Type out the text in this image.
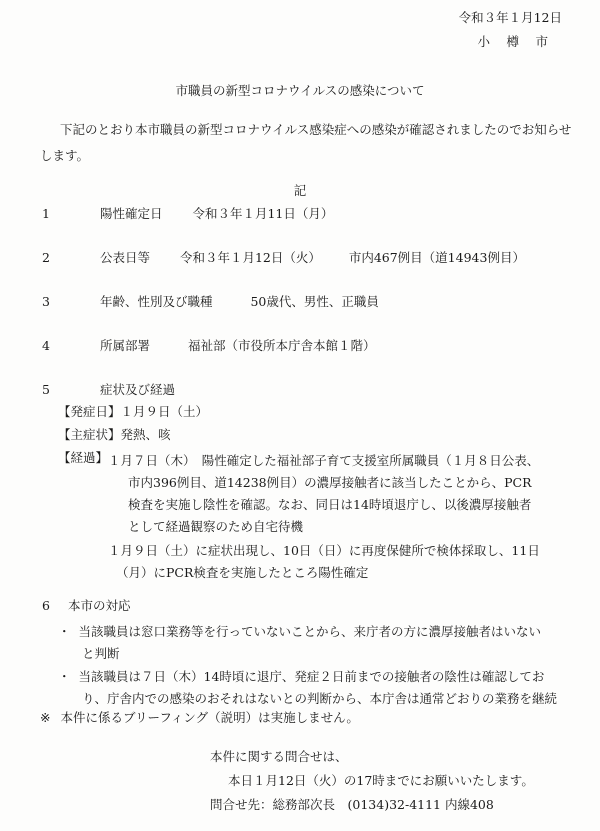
令和３年１月12日
小　樽　市
市職員の新型コロナウイルスの感染について
下記のとおり本市職員の新型コロナウイルス感染症への感染が確認されましたのでお知らせします。
記
1	陽性確定日 令和３年１月11日（月）
2	公表日等 令和３年１月12日（火） 市内467例目（道14943例目）
3	年齢、性別及び職種	50歳代、男性、正職員
4	所属部署	福祉部（市役所本庁舎本館１階）
5	症状及び経過
【発症日】１月９日（土）
【主症状】発熱、咳
【経過】 １月７日（木）　陽性確定した福祉部子育て支援室所属職員（１月８日公表、
市内396例目、道14238例目）の濃厚接触者に該当したことから、PCR
検査を実施し陰性を確認。なお、同日は14時頃退庁し、以後濃厚接触者
として経過観察のため自宅待機
１月９日（土）に症状出現し、10日（日）に再度保健所で検体採取し、11日
（月）にPCR検査を実施したところ陽性確定
6 本市の対応
・ 当該職員は窓口業務等を行っていないことから、来庁者の方に濃厚接触者はいない
と判断
・ 当該職員は７日（木）14時頃に退庁、発症２日前までの接触者の陰性は確認してお
り、庁舎内での感染のおそれはないとの判断から、本庁舎は通常どおりの業務を継続
※ 本件に係るブリーフィング（説明）は実施しません。
本件に関する問合せは、
本日１月12日（火）の17時までにお願いいたします。
問合せ先：総務部次長　(0134)32-4111 内線408
